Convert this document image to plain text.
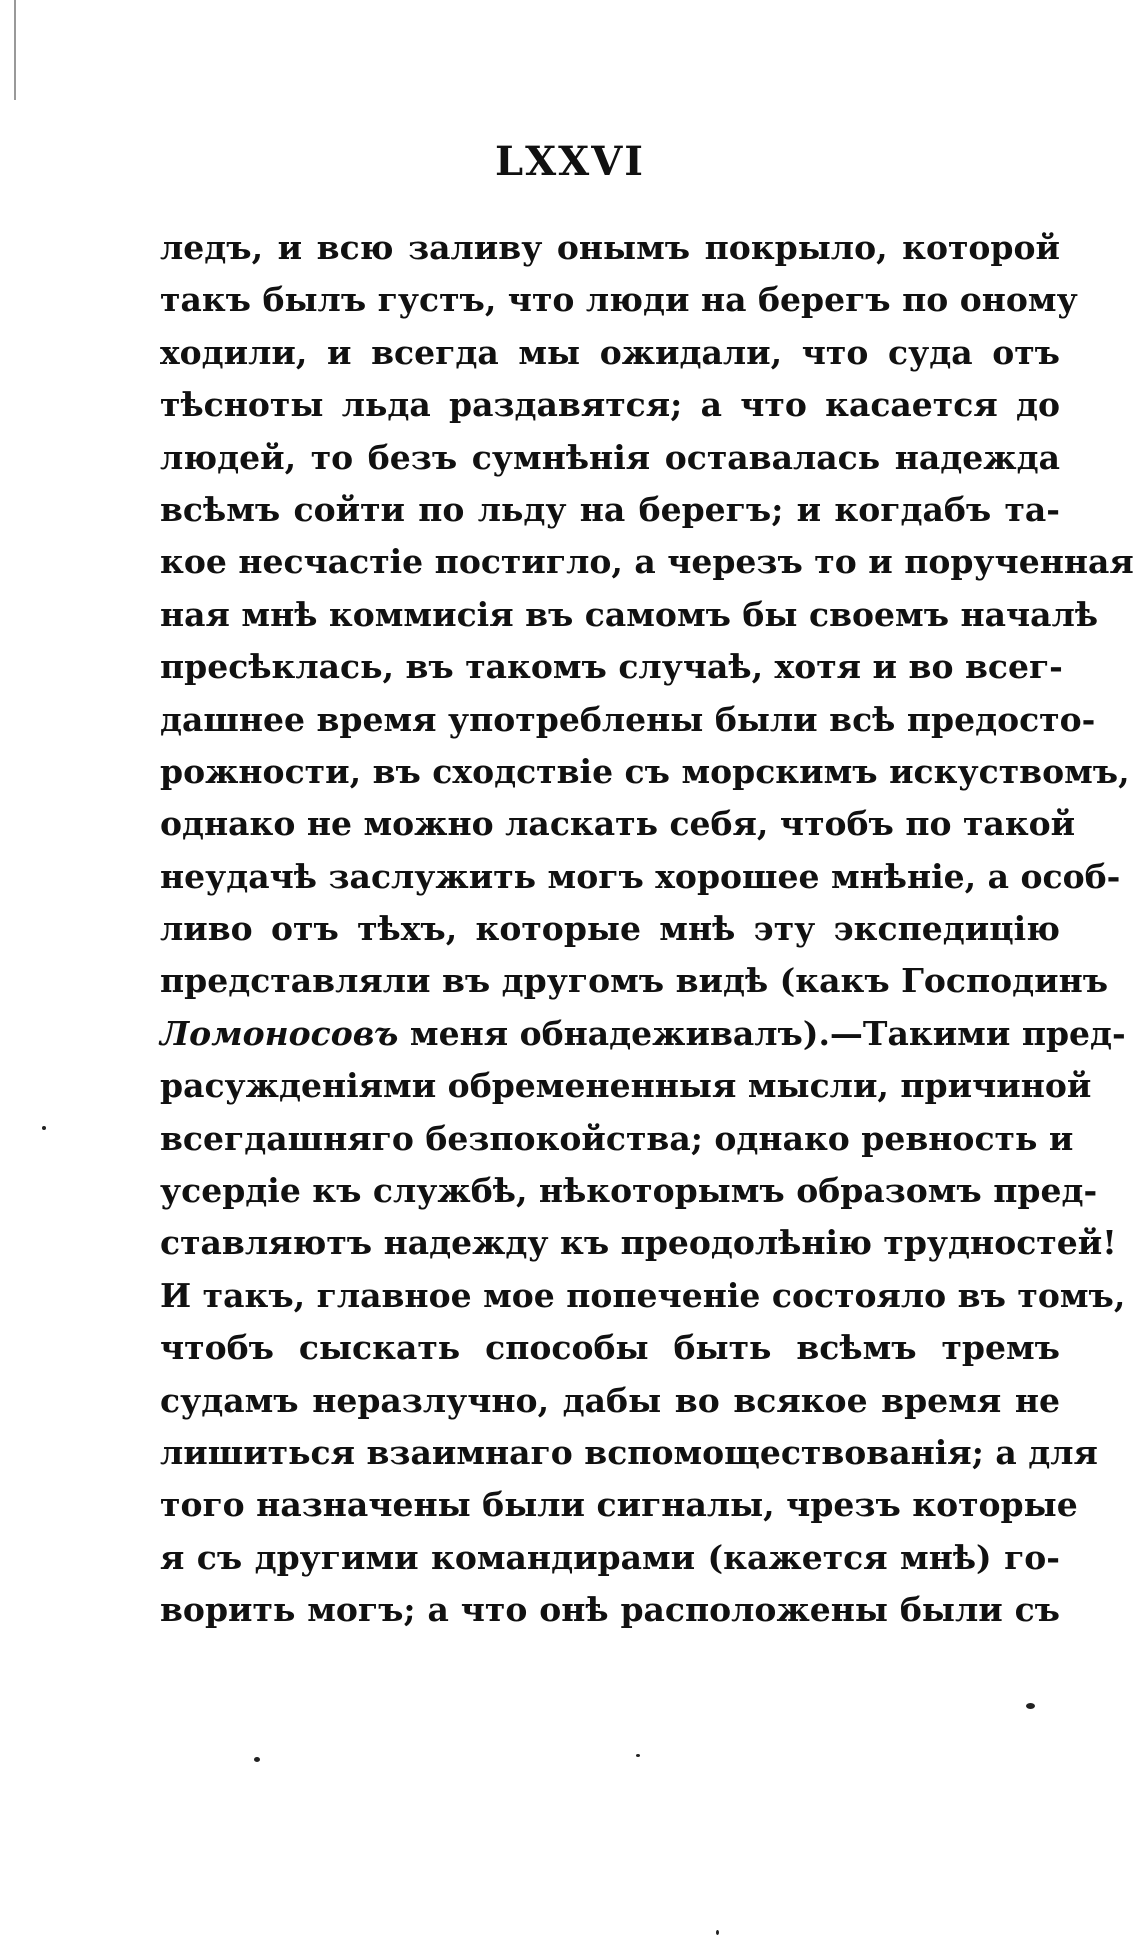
LXXVI
ледъ, и всю заливу онымъ покрыло, которой
такъ былъ густъ, что люди на берегъ по оному
ходили, и всегда мы ожидали, что суда отъ
тѣсноты льда раздавятся; а что касается до
людей, то безъ сумнѣнія оставалась надежда
всѣмъ сойти по льду на берегъ; и когдабъ та-
кое несчастіе постигло, а черезъ то и порученная
ная мнѣ коммисія въ самомъ бы своемъ началѣ
пресѣклась, въ такомъ случаѣ, хотя и во всег-
дашнее время употреблены были всѣ предосто-
рожности, въ сходствіе съ морскимъ искуствомъ,
однако не можно ласкать себя, чтобъ по такой
неудачѣ заслужить могъ хорошее мнѣніе, а особ-
ливо отъ тѣхъ, которые мнѣ эту экспедицію
представляли въ другомъ видѣ (какъ Господинъ
Ломоносовъ меня обнадеживалъ).—Такими пред-
расужденіями обремененныя мысли, причиной
всегдашняго безпокойства; однако ревность и
усердіе къ службѣ, нѣкоторымъ образомъ пред-
ставляютъ надежду къ преодолѣнію трудностей!
И такъ, главное мое попеченіе состояло въ томъ,
чтобъ сыскать способы быть всѣмъ тремъ
судамъ неразлучно, дабы во всякое время не
лишиться взаимнаго вспомоществованія; а для
того назначены были сигналы, чрезъ которые
я съ другими командирами (кажется мнѣ) го-
ворить могъ; а что онѣ расположены были съ
